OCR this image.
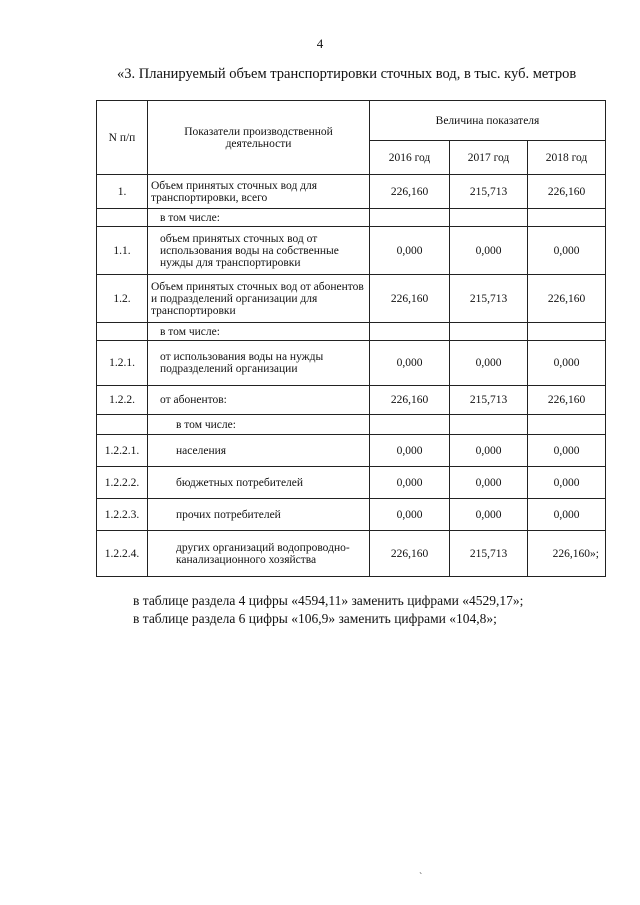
4
«3. Планируемый объем транспортировки сточных вод, в тыс. куб. метров
N п/п	Показатели производственной деятельности	Величина показателя		
		2016 год	2017 год	2018 год
1.	Объем принятых сточных вод для транспортировки, всего	226,160	215,713	226,160
	в том числе:			
1.1.	объем принятых сточных вод от использования воды на собственные нужды для транспортировки	0,000	0,000	0,000
1.2.	Объем принятых сточных вод от абонентов и подразделений организации для транспортировки	226,160	215,713	226,160
	в том числе:			
1.2.1.	от использования воды на нужды подразделений организации	0,000	0,000	0,000
1.2.2.	от абонентов:	226,160	215,713	226,160
	в том числе:			
1.2.2.1.	населения	0,000	0,000	0,000
1.2.2.2.	бюджетных потребителей	0,000	0,000	0,000
1.2.2.3.	прочих потребителей	0,000	0,000	0,000
1.2.2.4.	других организаций водопроводно-канализационного хозяйства	226,160	215,713	226,160»;
в таблице раздела 4 цифры «4594,11» заменить цифрами «4529,17»;
в таблице раздела 6 цифры «106,9» заменить цифрами «104,8»;
`
